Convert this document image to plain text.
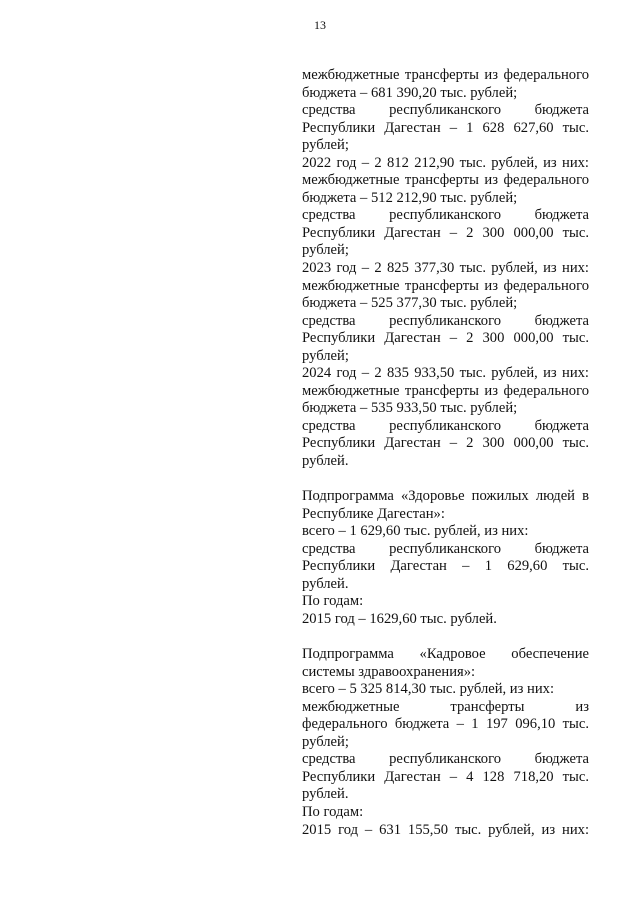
13
межбюджетные трансферты из федерального
бюджета – 681 390,20 тыс. рублей;
средства республиканского бюджета
Республики Дагестан – 1 628 627,60 тыс.
рублей;
2022 год – 2 812 212,90 тыс. рублей, из них:
межбюджетные трансферты из федерального
бюджета – 512 212,90 тыс. рублей;
средства республиканского бюджета
Республики Дагестан – 2 300 000,00 тыс.
рублей;
2023 год – 2 825 377,30 тыс. рублей, из них:
межбюджетные трансферты из федерального
бюджета – 525 377,30 тыс. рублей;
средства республиканского бюджета
Республики Дагестан – 2 300 000,00 тыс.
рублей;
2024 год – 2 835 933,50 тыс. рублей, из них:
межбюджетные трансферты из федерального
бюджета – 535 933,50 тыс. рублей;
средства республиканского бюджета
Республики Дагестан – 2 300 000,00 тыс.
рублей.
Подпрограмма «Здоровье пожилых людей в
Республике Дагестан»:
всего – 1 629,60 тыс. рублей, из них:
средства республиканского бюджета
Республики Дагестан – 1 629,60 тыс.
рублей.
По годам:
2015 год – 1629,60 тыс. рублей.
Подпрограмма «Кадровое обеспечение
системы здравоохранения»:
всего – 5 325 814,30 тыс. рублей, из них:
межбюджетные трансферты из
федерального бюджета – 1 197 096,10 тыс.
рублей;
средства республиканского бюджета
Республики Дагестан – 4 128 718,20 тыс.
рублей.
По годам:
2015 год – 631 155,50 тыс. рублей, из них:
